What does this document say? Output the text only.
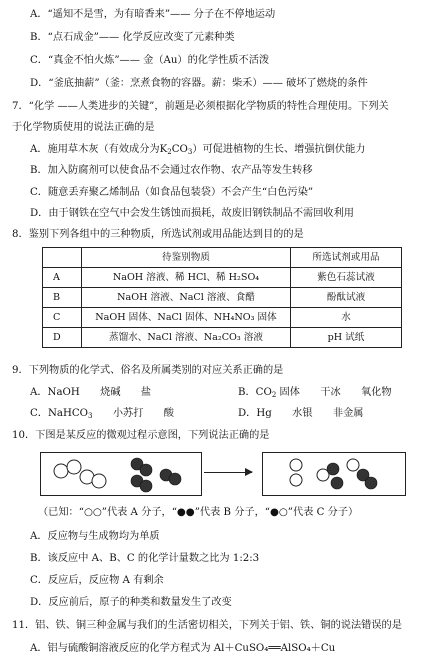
A．“遥知不是雪，为有暗香来”—— 分子在不停地运动
B．“点石成金”—— 化学反应改变了元素种类
C．“真金不怕火炼”—— 金（Au）的化学性质不活泼
D．“釜底抽薪”（釜：烹煮食物的容器。薪：柴禾）—— 破坏了燃烧的条件
7．“化学 ——人类进步的关键”，前题是必须根据化学物质的特性合理使用。下列关
于化学物质使用的说法正确的是
A．施用草木灰（有效成分为$K_2CO_3$）可促进植物的生长、增强抗倒伏能力
B．加入防腐剂可以使食品不会通过农作物、农产品等发生转移
C．随意丢弃聚乙烯制品（如食品包装袋）不会产生“白色污染”
D．由于钢铁在空气中会发生锈蚀而损耗，故废旧钢铁制品不需回收利用
8．鉴别下列各组中的三种物质，所选试剂或用品能达到目的的是
	待鉴别物质	所选试剂或用品
A	NaOH 溶液、稀 HCl、稀 H₂SO₄	紫色石蕊试液
B	NaOH 溶液、NaCl 溶液、食醋	酚酞试液
C	NaOH 固体、NaCl 固体、NH₄NO₃ 固体	水
D	蒸馏水、NaCl 溶液、Na₂CO₃ 溶液	pH 试纸
9．下列物质的化学式、俗名及所属类别的对应关系正确的是
A．NaOH　　烧碱　　盐	B．$CO_2$ 固体　　干冰　　氧化物
C．NaHCO$_3$　　小苏打　　酸	D．Hg　　水银　　非金属
10．下图是某反应的微观过程示意图，下列说法正确的是
（已知：“○○”代表 A 分子，“●●”代表 B 分子，“●○”代表 C 分子）
A．反应物与生成物均为单质
B．该反应中 A、B、C 的化学计量数之比为 1:2:3
C．反应后，反应物 A 有剩余
D．反应前后，原子的种类和数量发生了改变
11．铝、铁、铜三种金属与我们的生活密切相关，下列关于铝、铁、铜的说法错误的是
A．铝与硫酸铜溶液反应的化学方程式为 Al＋CuSO₄══AlSO₄＋Cu
